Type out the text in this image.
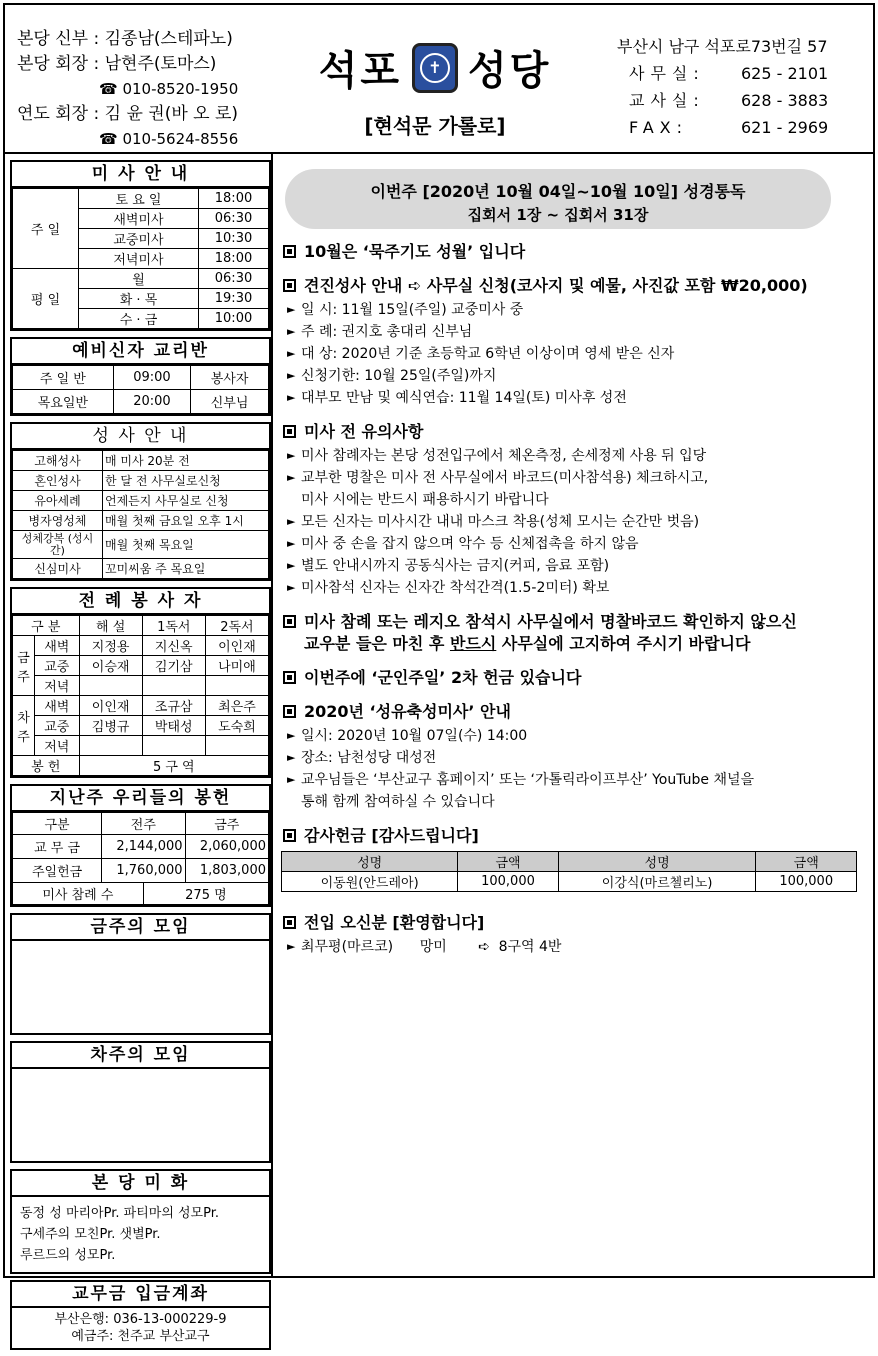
본당 신부 : 김종남(스테파노)
본당 회장 : 남현주(토마스)
☎ 010-8520-1950
연도 회장 : 김 윤 권(바 오 로)
☎ 010-5624-8556
석포	✝ 성당
[현석문 가롤로]
부산시 남구 석포로73번길 57
사무실:	625 - 2101
교사실:	628 - 3883
FAX:	621 - 2969
미 사 안 내
주 일	토 요 일	18:00
	새벽미사	06:30
	교중미사	10:30
	저녁미사	18:00
평 일	월	06:30
	화 · 목	19:30
	수 · 금	10:00
예비신자 교리반
주 일 반	09:00	봉사자
목요일반	20:00	신부님
성 사 안 내
고해성사	매 미사 20분 전
혼인성사	한 달 전 사무실로신청
유아세례	언제든지 사무실로 신청
병자영성체	매월 첫째 금요일 오후 1시
성체강복 (성시간)	매월 첫째 목요일
신심미사	꼬미씨움 주 목요일
전 례 봉 사 자
구 분		해 설	1독서	2독서
금주	새벽	지정용	지신옥	이인재
	교중	이승재	김기삼	나미애
	저녁			
차주	새벽	이인재	조규삼	최은주
	교중	김병규	박태성	도숙희
	저녁			
봉 헌		5 구 역		
지난주 우리들의 봉헌
구분	전주		금주
교 무 금	2,144,000		2,060,000
주일헌금	1,760,000		1,803,000
미사 참례 수		275 명	
금주의 모임
차주의 모임
본 당 미 화
동정 성 마리아Pr. 파티마의 성모Pr.
구세주의 모친Pr. 샛별Pr.
루르드의 성모Pr.
교무금 입금계좌
부산은행: 036-13-000229-9
예금주: 천주교 부산교구
이번주 [2020년 10월 04일~10월 10일] 성경통독
집회서 1장 ~ 집회서 31장
10월은 ‘묵주기도 성월’ 입니다
견진성사 안내 ➪ 사무실 신청(코사지 및 예물, 사진값 포함 ₩20,000)
► 일 시: 11월 15일(주일) 교중미사 중
► 주 례: 권지호 총대리 신부님
► 대 상: 2020년 기준 초등학교 6학년 이상이며 영세 받은 신자
► 신청기한: 10월 25일(주일)까지
► 대부모 만남 및 예식연습: 11월 14일(토) 미사후 성전
미사 전 유의사항
► 미사 참례자는 본당 성전입구에서 체온측정, 손세정제 사용 뒤 입당
► 교부한 명찰은 미사 전 사무실에서 바코드(미사참석용) 체크하시고,
미사 시에는 반드시 패용하시기 바랍니다
► 모든 신자는 미사시간 내내 마스크 착용(성체 모시는 순간만 벗음)
► 미사 중 손을 잡지 않으며 악수 등 신체접촉을 하지 않음
► 별도 안내시까지 공동식사는 금지(커피, 음료 포함)
► 미사참석 신자는 신자간 착석간격(1.5-2미터) 확보
미사 참례 또는 레지오 참석시 사무실에서 명찰바코드 확인하지 않으신
교우분 들은 마친 후 반드시 사무실에 고지하여 주시기 바랍니다
이번주에 ‘군인주일’ 2차 헌금 있습니다
2020년 ‘성유축성미사’ 안내
► 일시: 2020년 10월 07일(수) 14:00
► 장소: 남천성당 대성전
► 교우님들은 ‘부산교구 홈페이지’ 또는 ‘가톨릭라이프부산’ YouTube 채널을
통해 함께 참여하실 수 있습니다
감사헌금 [감사드립니다]
성명	금액	성명	금액
이동원(안드레아)	100,000	이강식(마르첼리노)	100,000
전입 오신분 [환영합니다]
► 최무평(마르코)      망미       ➪  8구역 4반
